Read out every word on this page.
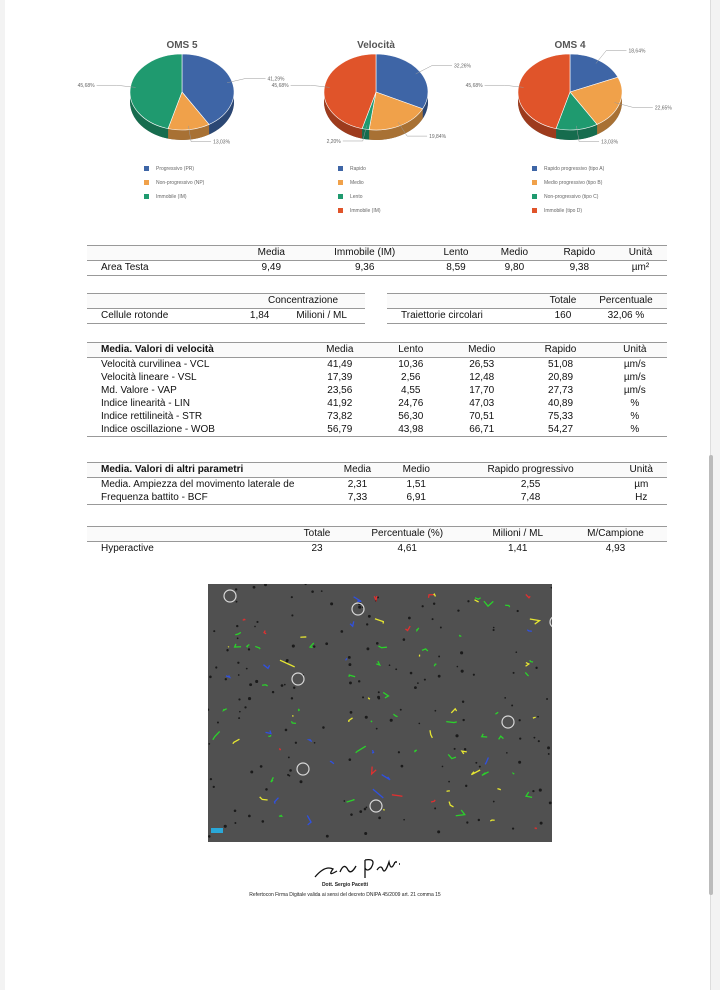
OMS 5
41,29%
13,03%
45,68%
Progressivo (PR)
Non-progressivo (NP)
Immobile (IM)
Velocità
32,26%
19,84%
2,20%
45,68%
Rapido
Medio
Lento
Immobile (IM)
OMS 4
18,64%
22,65%
13,03%
45,68%
Rapido progressivo (tipo A)
Medio progressivo (tipo B)
Non-progressivo (tipo C)
Immobile (tipo D)
	Media	Immobile (IM)	Lento	Medio	Rapido	Unità
Area Testa	9,49	9,36	8,59	9,80	9,38	µm²
	Concentrazione	
Cellule rotonde	1,84	Milioni / ML
	Totale	Percentuale
Traiettorie circolari	160	32,06 %
Media. Valori di velocità	Media	Lento	Medio	Rapido	Unità
Velocità curvilinea - VCL	41,49	10,36	26,53	51,08	µm/s
Velocità lineare - VSL	17,39	2,56	12,48	20,89	µm/s
Md. Valore - VAP	23,56	4,55	17,70	27,73	µm/s
Indice linearità - LIN	41,92	24,76	47,03	40,89	%
Indice rettilineità - STR	73,82	56,30	70,51	75,33	%
Indice oscillazione - WOB	56,79	43,98	66,71	54,27	%
Media. Valori di altri parametri	Media	Medio	Rapido progressivo	Unità
Media. Ampiezza del movimento laterale de	2,31	1,51	2,55	µm
Frequenza battito - BCF	7,33	6,91	7,48	Hz
	Totale	Percentuale (%)	Milioni / ML	M/Campione
Hyperactive	23	4,61	1,41	4,93
Dott. Sergio Pacetti
Refertocon Firma Digitale valida ai sensi del decreto DNIPA 45/2009 art. 21 comma 15
